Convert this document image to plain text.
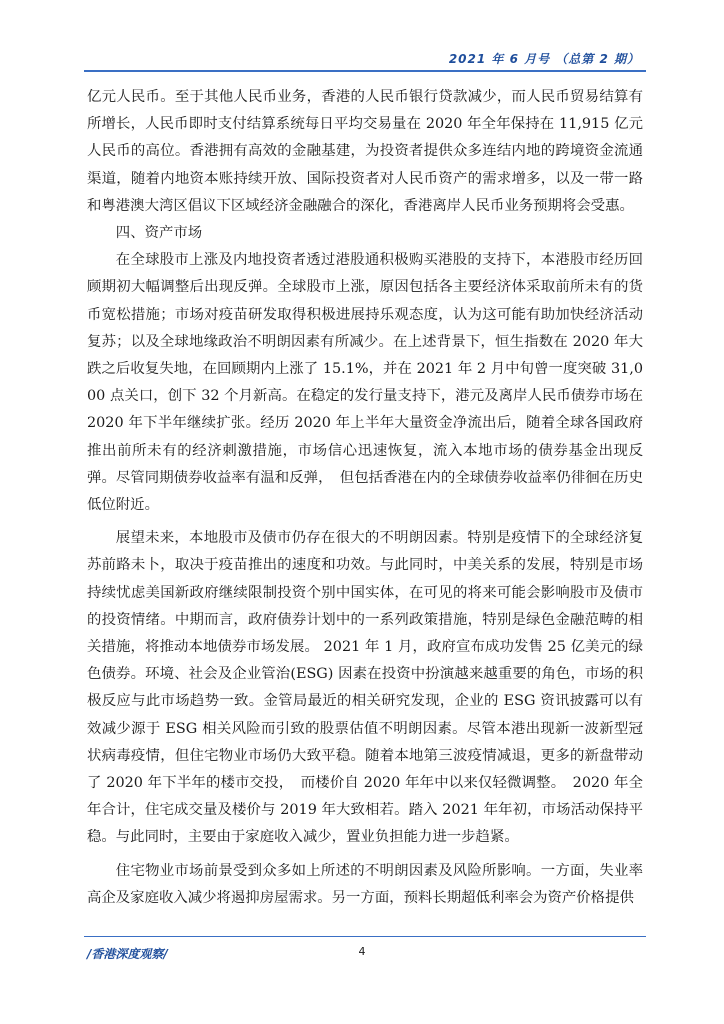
2021 年 6 月号 （总第 2 期）

亿元人民币。至于其他人民币业务，香港的人民币银行贷款减少，而人民币贸易结算有所增长，人民币即时支付结算系统每日平均交易量在 2020 年全年保持在 11,915 亿元人民币的高位。香港拥有高效的金融基建，为投资者提供众多连结内地的跨境资金流通渠道，随着内地资本账持续开放、国际投资者对人民币资产的需求增多，以及一带一路和粤港澳大湾区倡议下区域经济金融融合的深化，香港离岸人民币业务预期将会受惠。

四、资产市场

在全球股市上涨及内地投资者透过港股通积极购买港股的支持下，本港股市经历回顾期初大幅调整后出现反弹。全球股市上涨，原因包括各主要经济体采取前所未有的货币宽松措施；市场对疫苗研发取得积极进展持乐观态度，认为这可能有助加快经济活动复苏；以及全球地缘政治不明朗因素有所减少。在上述背景下，恒生指数在 2020 年大跌之后收复失地，在回顾期内上涨了 15.1%，并在 2021 年 2 月中旬曾一度突破 31,000 点关口，创下 32 个月新高。在稳定的发行量支持下，港元及离岸人民币债券市场在 2020 年下半年继续扩张。经历 2020 年上半年大量资金净流出后，随着全球各国政府推出前所未有的经济刺激措施，市场信心迅速恢复，流入本地市场的债券基金出现反弹。尽管同期债券收益率有温和反弹，　但包括香港在内的全球债券收益率仍徘徊在历史低位附近。

展望未来，本地股市及债市仍存在很大的不明朗因素。特别是疫情下的全球经济复苏前路未卜，取决于疫苗推出的速度和功效。与此同时，中美关系的发展，特别是市场持续忧虑美国新政府继续限制投资个别中国实体，在可见的将来可能会影响股市及债市的投资情绪。中期而言，政府债券计划中的一系列政策措施，特别是绿色金融范畴的相关措施，将推动本地债券市场发展。 2021 年 1 月，政府宣布成功发售 25 亿美元的绿色债券。环境、社会及企业管治(ESG) 因素在投资中扮演越来越重要的角色，市场的积极反应与此市场趋势一致。金管局最近的相关研究发现，企业的 ESG 资讯披露可以有效减少源于 ESG 相关风险而引致的股票估值不明朗因素。尽管本港出现新一波新型冠状病毒疫情，但住宅物业市场仍大致平稳。随着本地第三波疫情减退，更多的新盘带动了 2020 年下半年的楼市交投，　而楼价自 2020 年年中以来仅轻微调整。　2020 年全年合计，住宅成交量及楼价与 2019 年大致相若。踏入 2021 年年初，市场活动保持平稳。与此同时，主要由于家庭收入减少，置业负担能力进一步趋紧。

住宅物业市场前景受到众多如上所述的不明朗因素及风险所影响。一方面，失业率高企及家庭收入减少将遏抑房屋需求。另一方面，预料长期超低利率会为资产价格提供

/香港深度观察/	4
